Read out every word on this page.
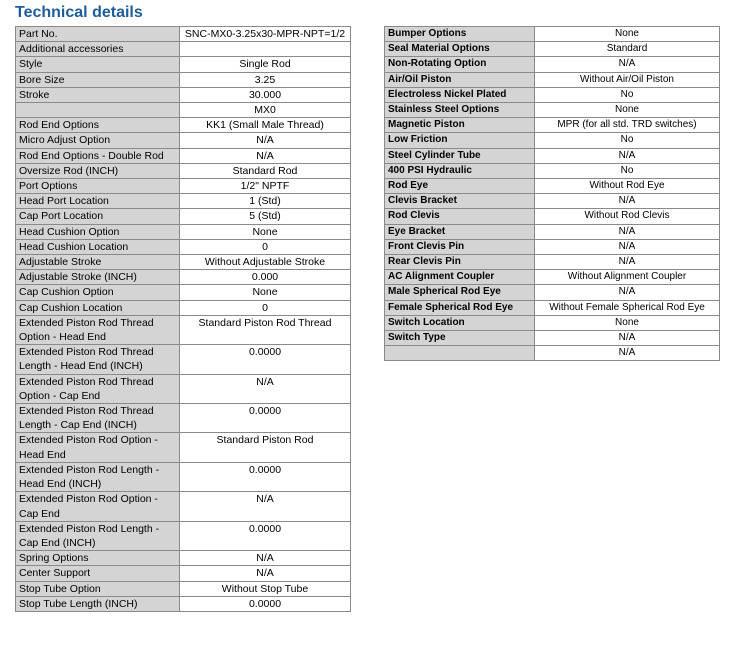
Technical details
Part No.	SNC-MX0-3.25x30-MPR-NPT=1/2
Additional accessories	
Style	Single Rod
Bore Size	3.25
Stroke	30.000
	MX0
Rod End Options	KK1 (Small Male Thread)
Micro Adjust Option	N/A
Rod End Options - Double Rod	N/A
Oversize Rod (INCH)	Standard Rod
Port Options	1/2" NPTF
Head Port Location	1 (Std)
Cap Port Location	5 (Std)
Head Cushion Option	None
Head Cushion Location	0
Adjustable Stroke	Without Adjustable Stroke
Adjustable Stroke (INCH)	0.000
Cap Cushion Option	None
Cap Cushion Location	0
Extended Piston Rod Thread Option - Head End	Standard Piston Rod Thread
Extended Piston Rod Thread Length - Head End (INCH)	0.0000
Extended Piston Rod Thread Option - Cap End	N/A
Extended Piston Rod Thread Length - Cap End (INCH)	0.0000
Extended Piston Rod Option - Head End	Standard Piston Rod
Extended Piston Rod Length - Head End (INCH)	0.0000
Extended Piston Rod Option - Cap End	N/A
Extended Piston Rod Length - Cap End (INCH)	0.0000
Spring Options	N/A
Center Support	N/A
Stop Tube Option	Without Stop Tube
Stop Tube Length (INCH)	0.0000
Bumper Options	None
Seal Material Options	Standard
Non-Rotating Option	N/A
Air/Oil Piston	Without Air/Oil Piston
Electroless Nickel Plated	No
Stainless Steel Options	None
Magnetic Piston	MPR (for all std. TRD switches)
Low Friction	No
Steel Cylinder Tube	N/A
400 PSI Hydraulic	No
Rod Eye	Without Rod Eye
Clevis Bracket	N/A
Rod Clevis	Without Rod Clevis
Eye Bracket	N/A
Front Clevis Pin	N/A
Rear Clevis Pin	N/A
AC Alignment Coupler	Without Alignment Coupler
Male Spherical Rod Eye	N/A
Female Spherical Rod Eye	Without Female Spherical Rod Eye
Switch Location	None
Switch Type	N/A
	N/A
